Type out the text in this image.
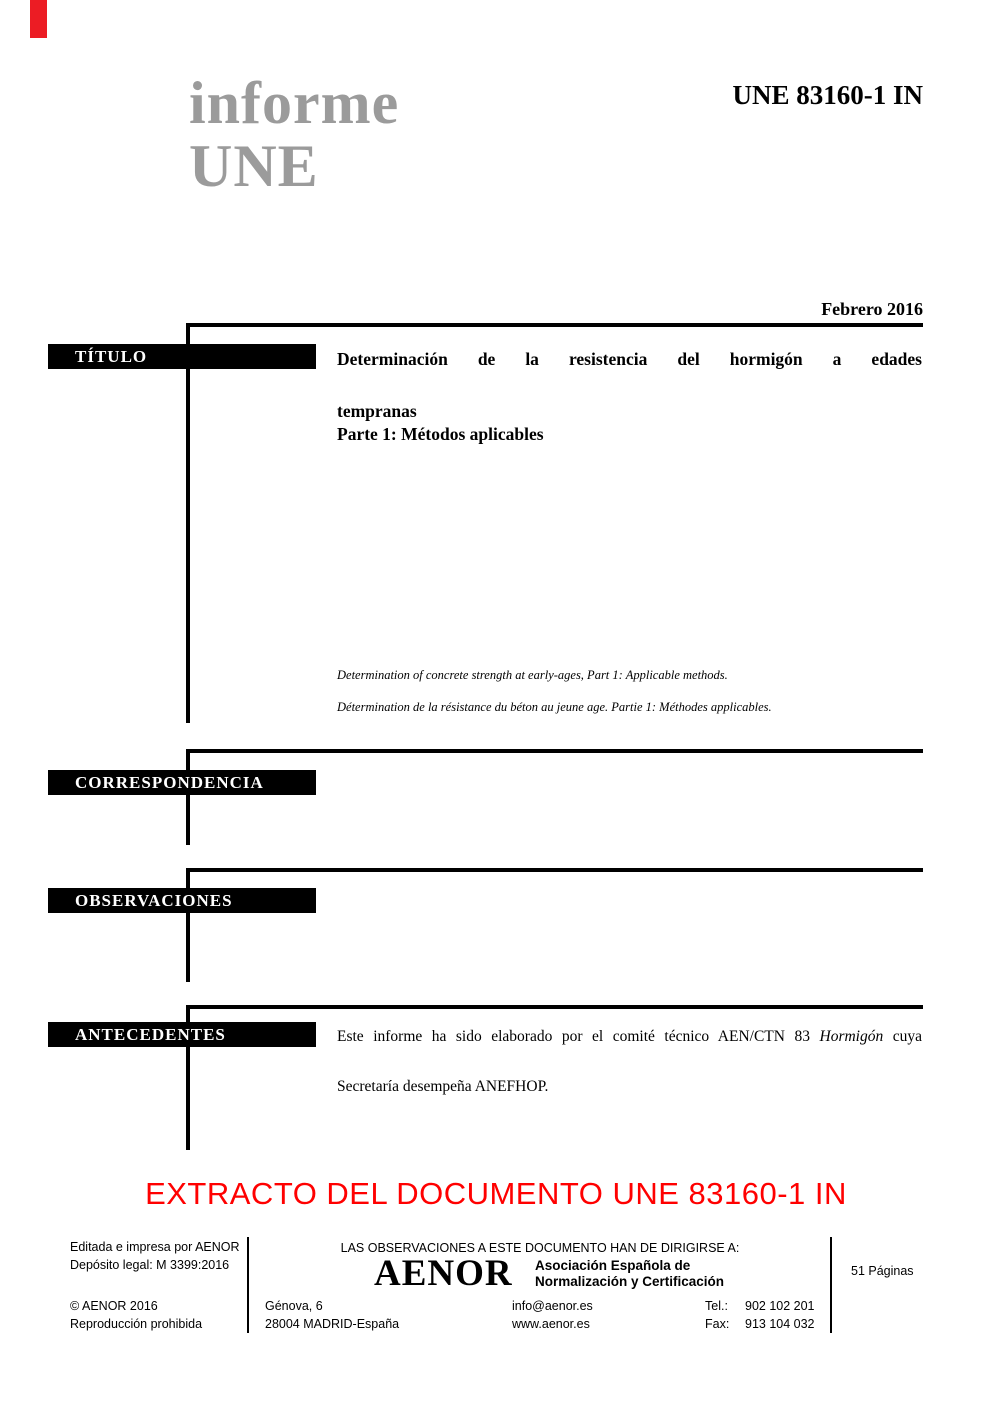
informe
UNE
UNE 83160-1 IN
Febrero 2016
TÍTULO	Determinación de la resistencia del hormigón a edades
tempranas
Parte 1: Métodos aplicables
Determination of concrete strength at early-ages, Part 1: Applicable methods.
Détermination de la résistance du béton au jeune age. Partie 1: Méthodes applicables.
CORRESPONDENCIA
OBSERVACIONES
ANTECEDENTES	Este informe ha sido elaborado por el comité técnico AEN/CTN 83 Hormigón cuya
Secretaría desempeña ANEFHOP.
EXTRACTO DEL DOCUMENTO UNE 83160-1 IN
Editada e impresa por AENOR
Depósito legal: M 3399:2016
LAS OBSERVACIONES A ESTE DOCUMENTO HAN DE DIRIGIRSE A:
AENOR Asociación Española de
Normalización y Certificación
51 Páginas
© AENOR 2016
Reproducción prohibida
Génova, 6
28004 MADRID-España
info@aenor.es
www.aenor.es
Tel.: 902 102 201
Fax: 913 104 032
